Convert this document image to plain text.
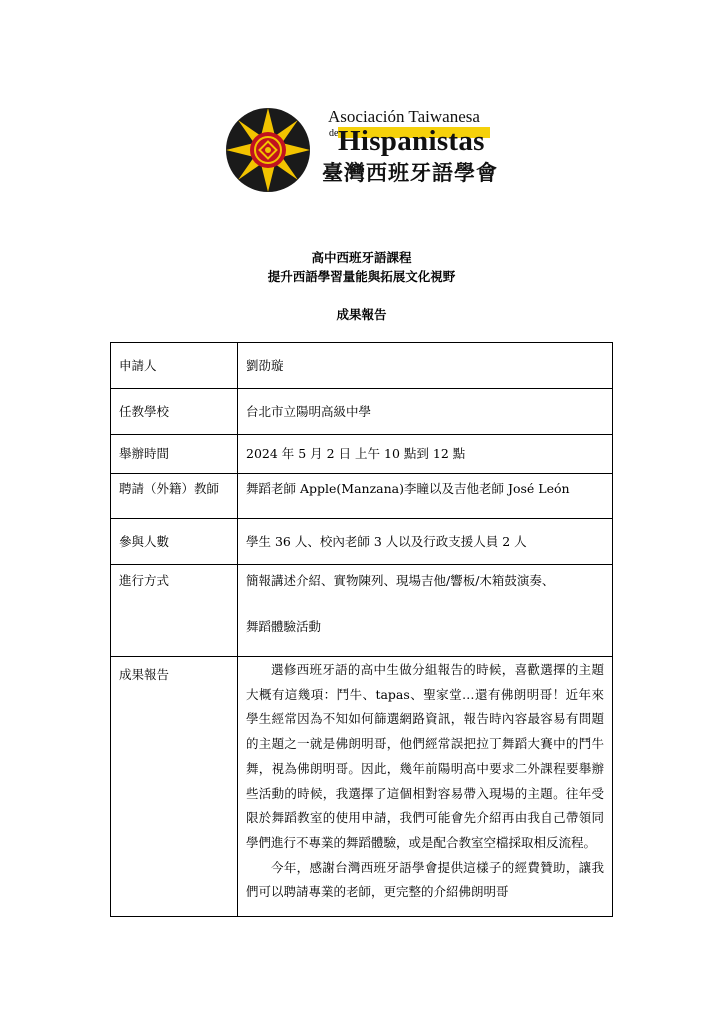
Asociación Taiwanesa
de Hispanistas
臺灣西班牙語學會
高中西班牙語課程
提升西語學習量能與拓展文化視野
成果報告
申請人	劉劭璇
任教學校	台北市立陽明高級中學
舉辦時間	2024 年 5 月 2 日 上午 10 點到 12 點
聘請（外籍）教師	舞蹈老師 Apple(Manzana)李瞳以及吉他老師 José León
參與人數	學生 36 人、校內老師 3 人以及行政支援人員 2 人
進行方式	簡報講述介紹、實物陳列、現場吉他/響板/木箱鼓演奏、
舞蹈體驗活動

成果報告	選修西班牙語的高中生做分組報告的時候，喜歡選擇的主題大概有這幾項：鬥牛、tapas、聖家堂…還有佛朗明哥！近年來學生經常因為不知如何篩選網路資訊，報告時內容最容易有問題的主題之一就是佛朗明哥，他們經常誤把拉丁舞蹈大賽中的鬥牛舞，視為佛朗明哥。因此，幾年前陽明高中要求二外課程要舉辦些活動的時候，我選擇了這個相對容易帶入現場的主題。往年受限於舞蹈教室的使用申請，我們可能會先介紹再由我自己帶領同學們進行不專業的舞蹈體驗，或是配合教室空檔採取相反流程。
今年，感謝台灣西班牙語學會提供這樣子的經費贊助，讓我們可以聘請專業的老師，更完整的介紹佛朗明哥
